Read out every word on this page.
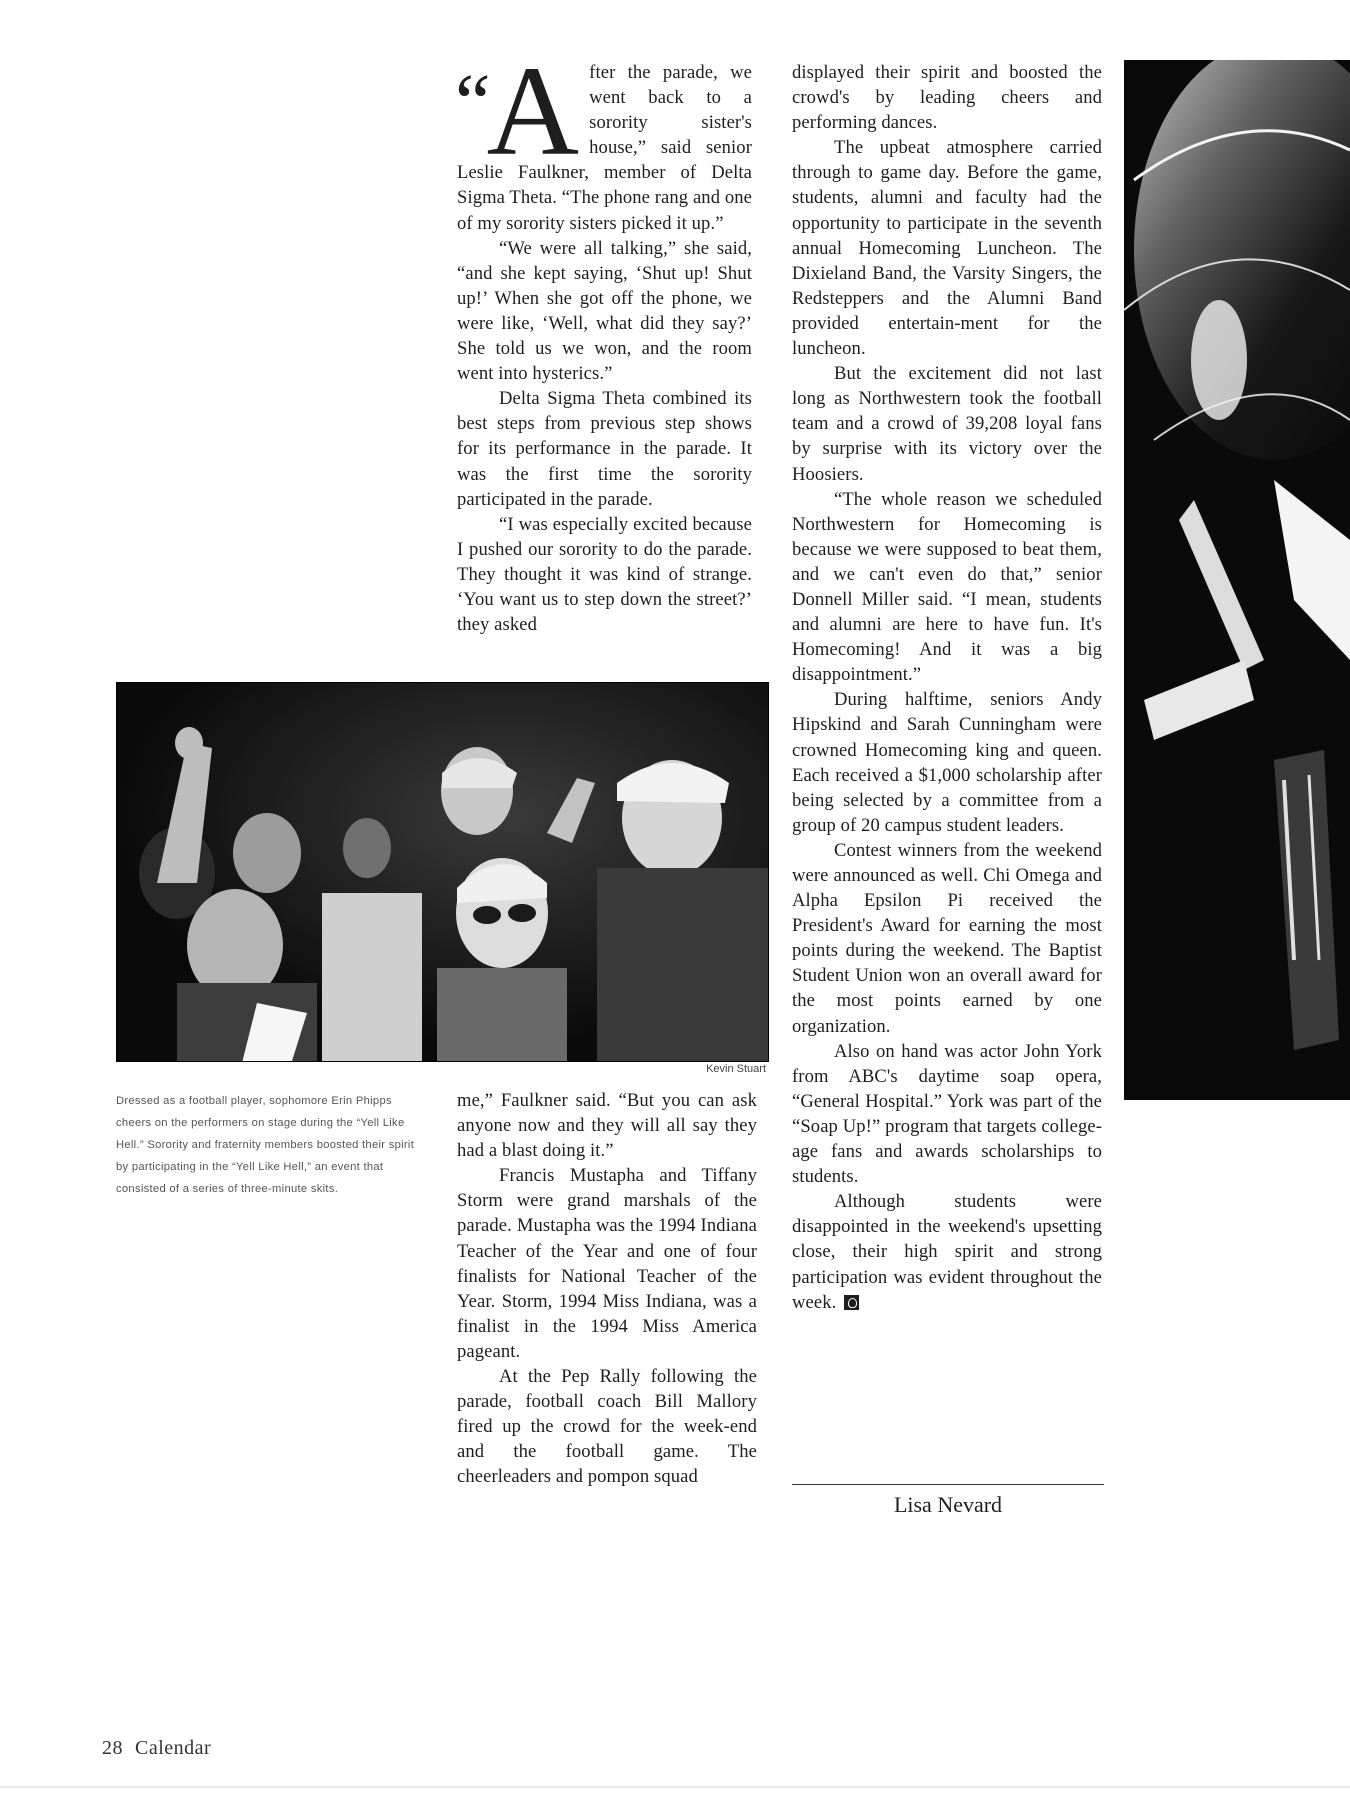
“A fter the parade, we went back to a sorority sister's house,” said senior Leslie Faulkner, member of Delta Sigma Theta. “The phone rang and one of my sorority sisters picked it up.”

“We were all talking,” she said, “and she kept saying, ‘Shut up! Shut up!’ When she got off the phone, we were like, ‘Well, what did they say?’ She told us we won, and the room went into hysterics.”

Delta Sigma Theta combined its best steps from previous step shows for its performance in the parade. It was the first time the sorority participated in the parade.

“I was especially excited because I pushed our sorority to do the parade. They thought it was kind of strange. ‘You want us to step down the street?’ they asked

Kevin Stuart
Dressed as a football player, sophomore Erin Phipps cheers on the performers on stage during the “Yell Like Hell.” Sorority and fraternity members boosted their spirit by participating in the “Yell Like Hell,” an event that consisted of a series of three-minute skits.

me,” Faulkner said. “But you can ask anyone now and they will all say they had a blast doing it.”

Francis Mustapha and Tiffany Storm were grand marshals of the parade. Mustapha was the 1994 Indiana Teacher of the Year and one of four finalists for National Teacher of the Year. Storm, 1994 Miss Indiana, was a finalist in the 1994 Miss America pageant.

At the Pep Rally following the parade, football coach Bill Mallory fired up the crowd for the week-end and the football game. The cheerleaders and pompon squad

displayed their spirit and boosted the crowd's by leading cheers and performing dances.

The upbeat atmosphere carried through to game day. Before the game, students, alumni and faculty had the opportunity to participate in the seventh annual Homecoming Luncheon. The Dixieland Band, the Varsity Singers, the Redsteppers and the Alumni Band provided entertain-ment for the luncheon.

But the excitement did not last long as Northwestern took the football team and a crowd of 39,208 loyal fans by surprise with its victory over the Hoosiers.

“The whole reason we scheduled Northwestern for Homecoming is because we were supposed to beat them, and we can't even do that,” senior Donnell Miller said. “I mean, students and alumni are here to have fun. It's Homecoming! And it was a big disappointment.”

During halftime, seniors Andy Hipskind and Sarah Cunningham were crowned Homecoming king and queen. Each received a $1,000 scholarship after being selected by a committee from a group of 20 campus student leaders.

Contest winners from the weekend were announced as well. Chi Omega and Alpha Epsilon Pi received the President's Award for earning the most points during the weekend. The Baptist Student Union won an overall award for the most points earned by one organization.

Also on hand was actor John York from ABC's daytime soap opera, “General Hospital.” York was part of the “Soap Up!” program that targets college-age fans and awards scholarships to students.

Although students were disappointed in the weekend's upsetting close, their high spirit and strong participation was evident throughout the week.

Lisa Nevard
28 Calendar
